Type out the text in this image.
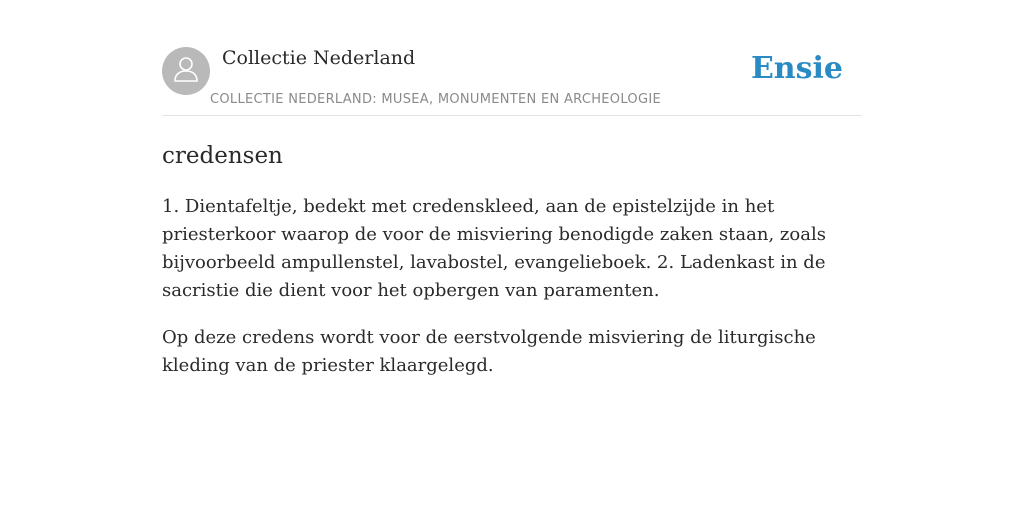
Collectie Nederland
COLLECTIE NEDERLAND: MUSEA, MONUMENTEN EN ARCHEOLOGIE
Ensie
credensen

1. Dientafeltje, bedekt met credenskleed, aan de epistelzijde in het priesterkoor waarop de voor de misviering benodigde zaken staan, zoals bijvoorbeeld ampullenstel, lavabostel, evangelieboek. 2. Ladenkast in de sacristie die dient voor het opbergen van paramenten.

Op deze credens wordt voor de eerstvolgende misviering de liturgische kleding van de priester klaargelegd.
